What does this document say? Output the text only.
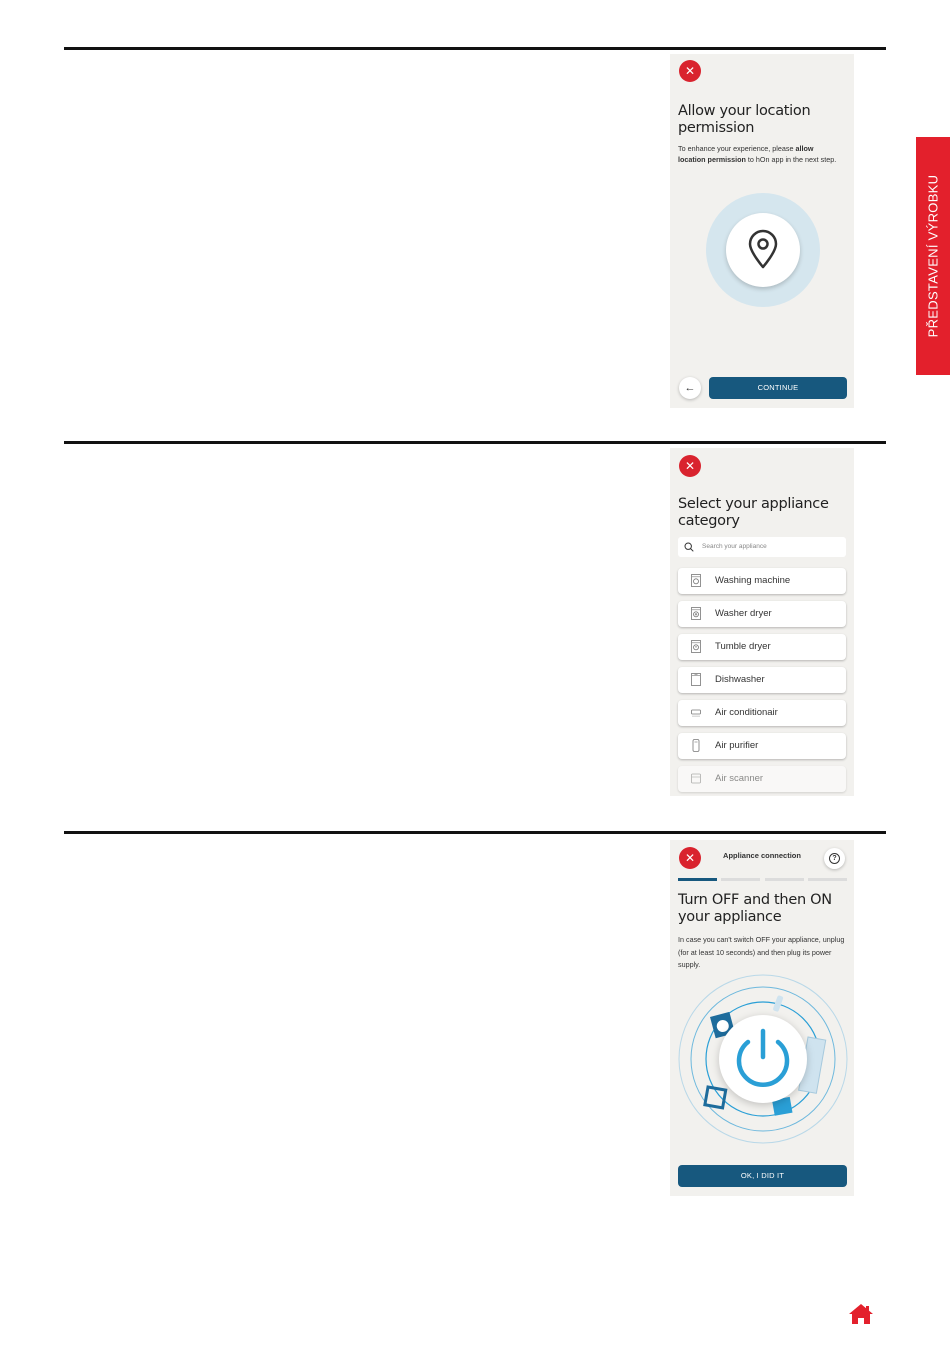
PŘEDSTAVENÍ VÝROBKU
✕
Allow your location permission
To enhance your experience, please allow location permission to hOn app in the next step.
←	CONTINUE
✕
Select your appliance category
Search your appliance
Washing machine
Washer dryer
Tumble dryer
Dishwasher
Air conditionair
Air purifier
Air scanner
✕	Appliance connection	?
Turn OFF and then ON your appliance
In case you can't switch OFF your appliance, unplug (for at least 10 seconds) and then plug its power supply.
OK, I DID IT
